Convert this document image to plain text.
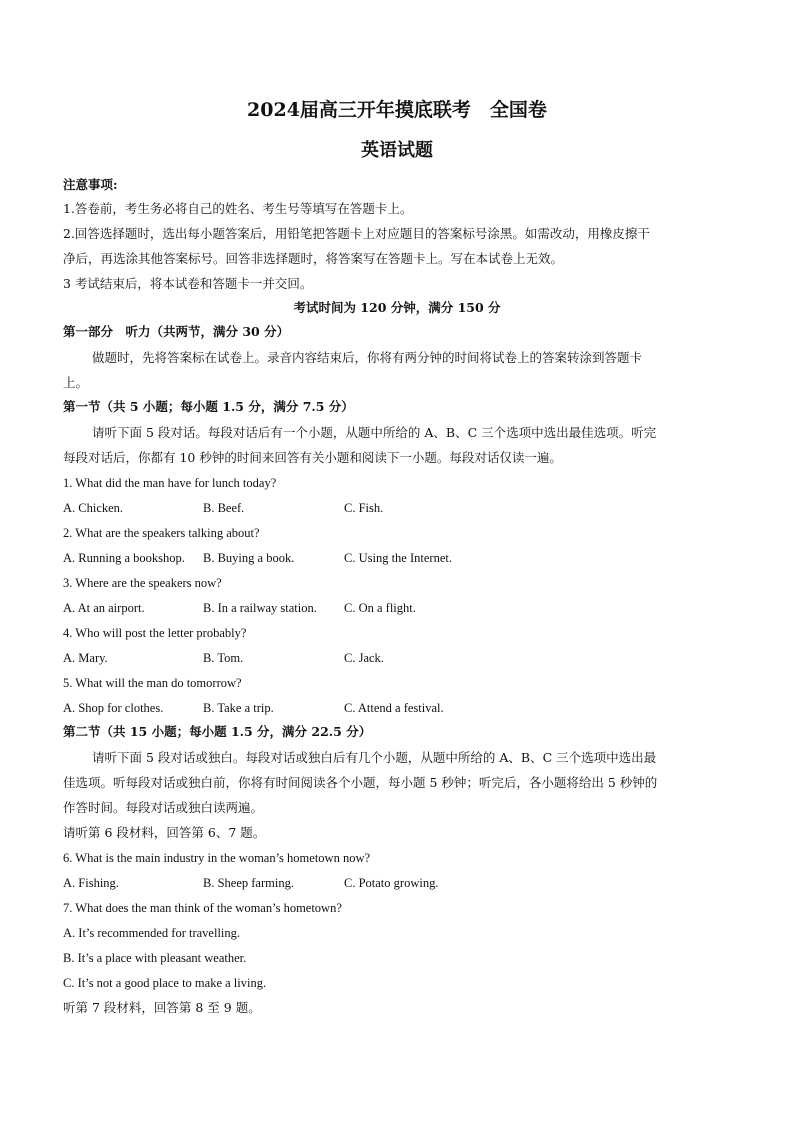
2024届高三开年摸底联考　全国卷
英语试题
注意事项:
1.答卷前，考生务必将自己的姓名、考生号等填写在答题卡上。
2.回答选择题时，选出每小题答案后，用铅笔把答题卡上对应题目的答案标号涂黑。如需改动，用橡皮擦干
净后，再选涂其他答案标号。回答非选择题时，将答案写在答题卡上。写在本试卷上无效。
3 考试结束后，将本试卷和答题卡一并交回。
考试时间为 120 分钟，满分 150 分
第一部分　听力（共两节，满分 30 分）
做题时，先将答案标在试卷上。录音内容结束后，你将有两分钟的时间将试卷上的答案转涂到答题卡
上。
第一节（共 5 小题；每小题 1.5 分，满分 7.5 分）
请听下面 5 段对话。每段对话后有一个小题，从题中所给的 A、B、C 三个选项中选出最佳选项。听完
每段对话后，你都有 10 秒钟的时间来回答有关小题和阅读下一小题。每段对话仅读一遍。
1. What did the man have for lunch today?
A. Chicken.	B. Beef.	C. Fish.
2. What are the speakers talking about?
A. Running a bookshop. B. Buying a book.	C. Using the Internet.
3. Where are the speakers now?
A. At an airport.	B. In a railway station. C. On a flight.
4. Who will post the letter probably?
A. Mary.	B. Tom.	C. Jack.
5. What will the man do tomorrow?
A. Shop for clothes.	B. Take a trip.	C. Attend a festival.
第二节（共 15 小题；每小题 1.5 分，满分 22.5 分）
请听下面 5 段对话或独白。每段对话或独白后有几个小题，从题中所给的 A、B、C 三个选项中选出最
佳选项。听每段对话或独白前，你将有时间阅读各个小题，每小题 5 秒钟；听完后，各小题将给出 5 秒钟的
作答时间。每段对话或独白读两遍。
请听第 6 段材料，回答第 6、7 题。
6. What is the main industry in the woman’s hometown now?
A. Fishing.	B. Sheep farming.	C. Potato growing.
7. What does the man think of the woman’s hometown?
A. It’s recommended for travelling.
B. It’s a place with pleasant weather.
C. It’s not a good place to make a living.
听第 7 段材料，回答第 8 至 9 题。
